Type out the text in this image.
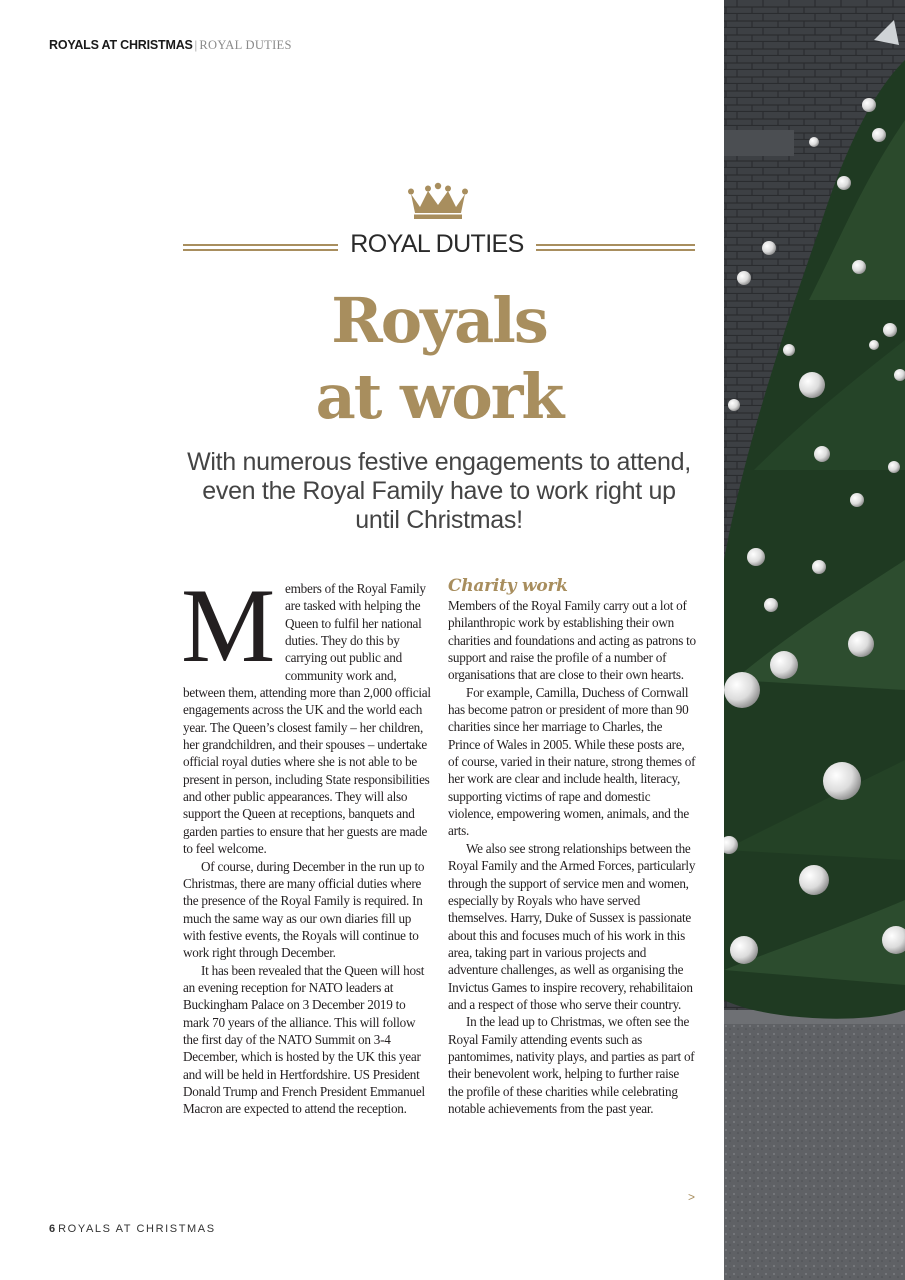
ROYALS AT CHRISTMAS | ROYAL DUTIES
ROYAL DUTIES
Royals
at work
With numerous festive engagements to attend, even the Royal Family have to work right up until Christmas!

Members of the Royal Family are tasked with helping the Queen to fulfil her national duties. They do this by carrying out public and community work and, between them, attending more than 2,000 official engagements across the UK and the world each year. The Queen’s closest family – her children, her grandchildren, and their spouses – undertake official royal duties where she is not able to be present in person, including State responsibilities and other public appearances. They will also support the Queen at receptions, banquets and garden parties to ensure that her guests are made to feel welcome.

Of course, during December in the run up to Christmas, there are many official duties where the presence of the Royal Family is required. In much the same way as our own diaries fill up with festive events, the Royals will continue to work right through December.

It has been revealed that the Queen will host an evening reception for NATO leaders at Buckingham Palace on 3 December 2019 to mark 70 years of the alliance. This will follow the first day of the NATO Summit on 3-4 December, which is hosted by the UK this year and will be held in Hertfordshire. US President Donald Trump and French President Emmanuel Macron are expected to attend the reception.

Charity work

Members of the Royal Family carry out a lot of philanthropic work by establishing their own charities and foundations and acting as patrons to support and raise the profile of a number of organisations that are close to their own hearts.

For example, Camilla, Duchess of Cornwall has become patron or president of more than 90 charities since her marriage to Charles, the Prince of Wales in 2005. While these posts are, of course, varied in their nature, strong themes of her work are clear and include health, literacy, supporting victims of rape and domestic violence, empowering women, animals, and the arts.

We also see strong relationships between the Royal Family and the Armed Forces, particularly through the support of service men and women, especially by Royals who have served themselves. Harry, Duke of Sussex is passionate about this and focuses much of his work in this area, taking part in various projects and adventure challenges, as well as organising the Invictus Games to inspire recovery, rehabilitaion and a respect of those who serve their country.

In the lead up to Christmas, we often see the Royal Family attending events such as pantomimes, nativity plays, and parties as part of their benevolent work, helping to further raise the profile of these charities while celebrating notable achievements from the past year.

>
6 ROYALS AT CHRISTMAS
